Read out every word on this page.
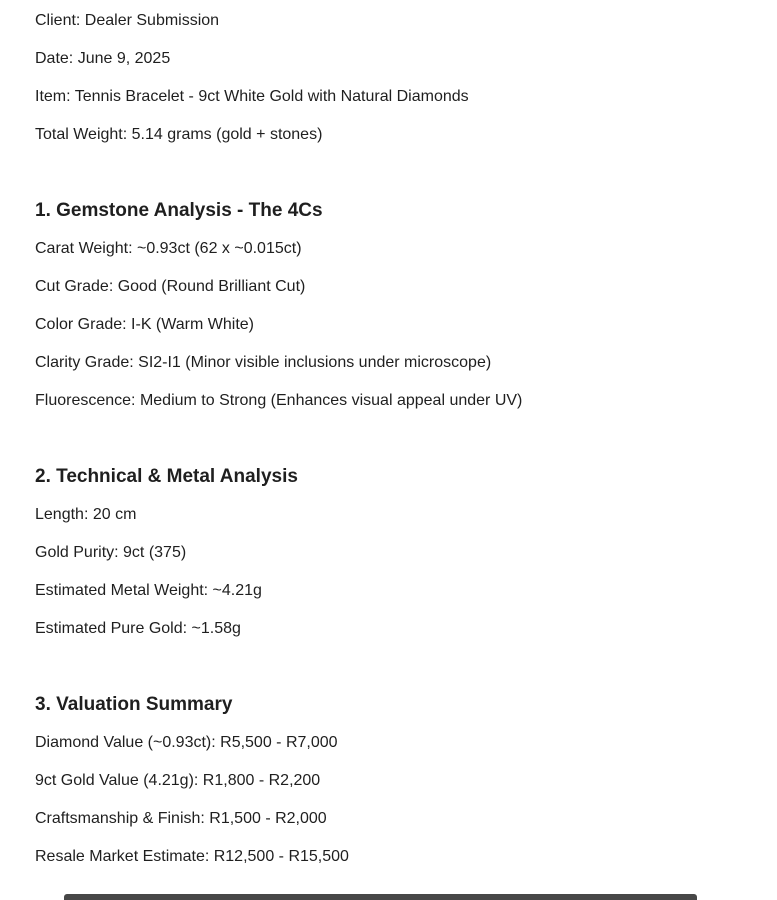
Client: Dealer Submission

Date: June 9, 2025

Item: Tennis Bracelet - 9ct White Gold with Natural Diamonds

Total Weight: 5.14 grams (gold + stones)

1. Gemstone Analysis - The 4Cs

Carat Weight: ~0.93ct (62 x ~0.015ct)

Cut Grade: Good (Round Brilliant Cut)

Color Grade: I-K (Warm White)

Clarity Grade: SI2-I1 (Minor visible inclusions under microscope)

Fluorescence: Medium to Strong (Enhances visual appeal under UV)

2. Technical & Metal Analysis

Length: 20 cm

Gold Purity: 9ct (375)

Estimated Metal Weight: ~4.21g

Estimated Pure Gold: ~1.58g

3. Valuation Summary

Diamond Value (~0.93ct): R5,500 - R7,000

9ct Gold Value (4.21g): R1,800 - R2,200

Craftsmanship & Finish: R1,500 - R2,000

Resale Market Estimate: R12,500 - R15,500
